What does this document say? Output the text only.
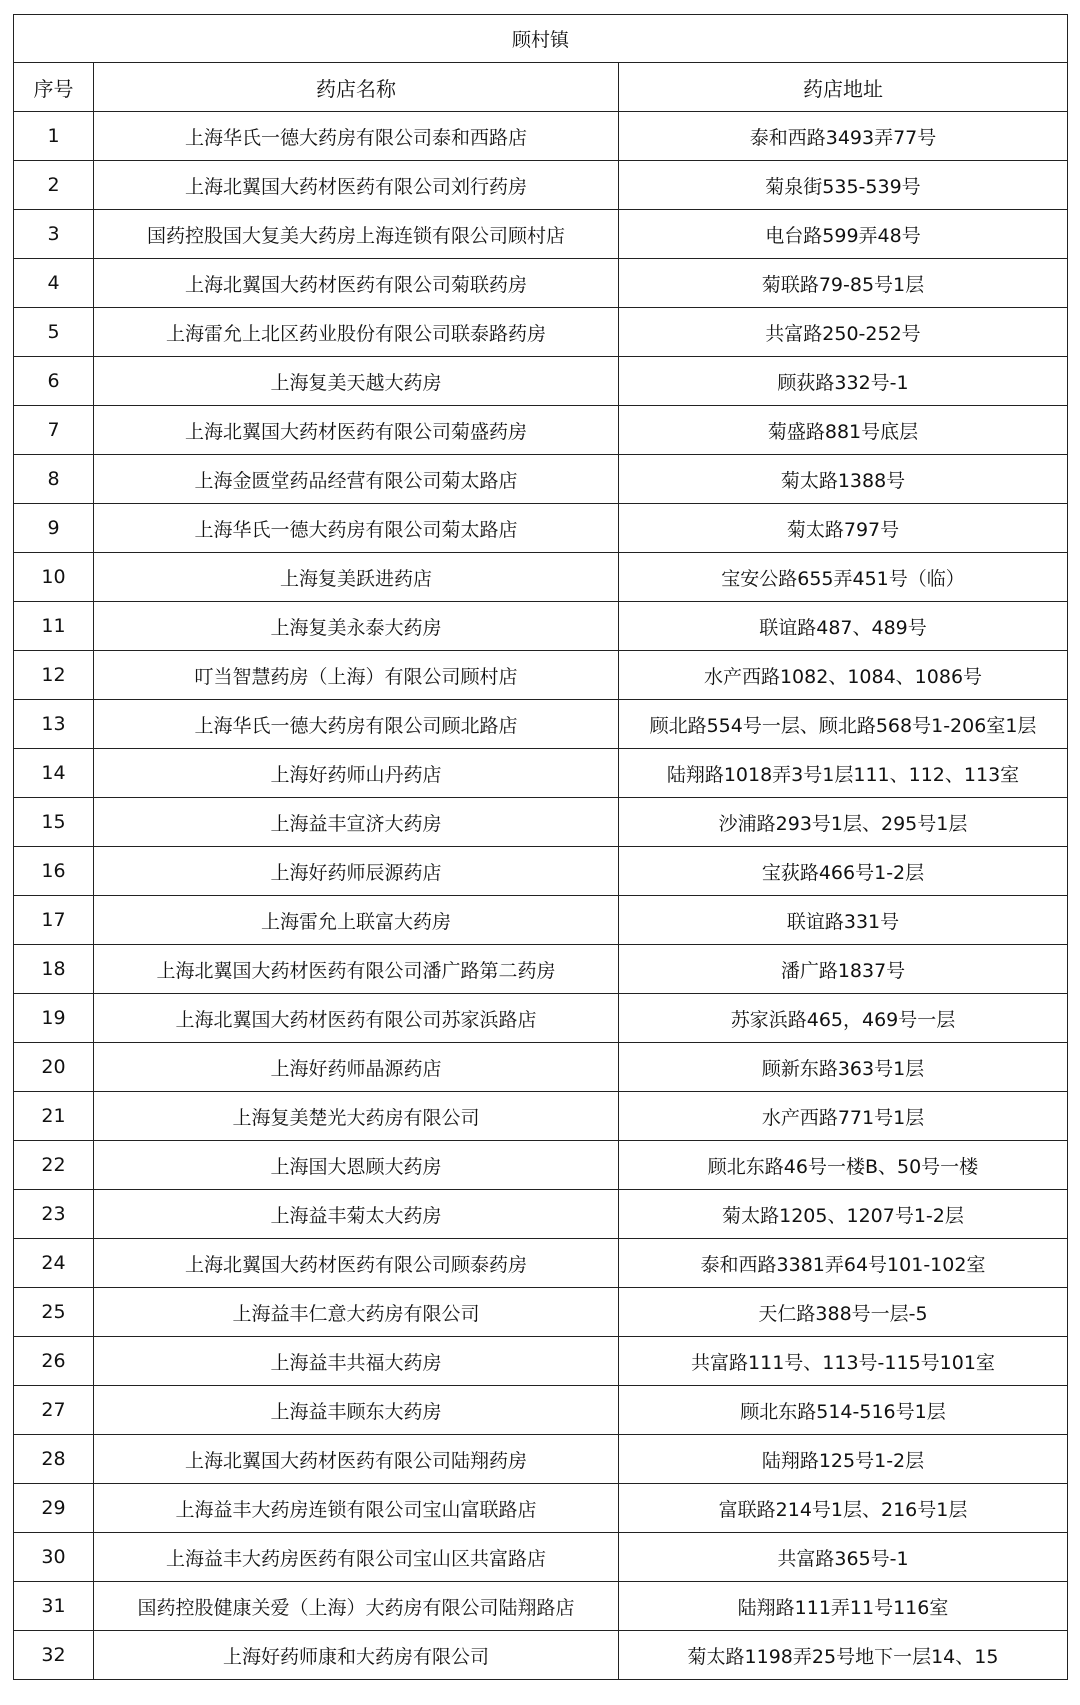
顾村镇		
序号	药店名称	药店地址
1	上海华氏一德大药房有限公司泰和西路店	泰和西路3493弄77号
2	上海北翼国大药材医药有限公司刘行药房	菊泉街535-539号
3	国药控股国大复美大药房上海连锁有限公司顾村店	电台路599弄48号
4	上海北翼国大药材医药有限公司菊联药房	菊联路79-85号1层
5	上海雷允上北区药业股份有限公司联泰路药房	共富路250-252号
6	上海复美天越大药房	顾荻路332号-1
7	上海北翼国大药材医药有限公司菊盛药房	菊盛路881号底层
8	上海金匮堂药品经营有限公司菊太路店	菊太路1388号
9	上海华氏一德大药房有限公司菊太路店	菊太路797号
10	上海复美跃进药店	宝安公路655弄451号（临）
11	上海复美永泰大药房	联谊路487、489号
12	叮当智慧药房（上海）有限公司顾村店	水产西路1082、1084、1086号
13	上海华氏一德大药房有限公司顾北路店	顾北路554号一层、顾北路568号1-206室1层
14	上海好药师山丹药店	陆翔路1018弄3号1层111、112、113室
15	上海益丰宣济大药房	沙浦路293号1层、295号1层
16	上海好药师辰源药店	宝荻路466号1-2层
17	上海雷允上联富大药房	联谊路331号
18	上海北翼国大药材医药有限公司潘广路第二药房	潘广路1837号
19	上海北翼国大药材医药有限公司苏家浜路店	苏家浜路465，469号一层
20	上海好药师晶源药店	顾新东路363号1层
21	上海复美楚光大药房有限公司	水产西路771号1层
22	上海国大恩顾大药房	顾北东路46号一楼B、50号一楼
23	上海益丰菊太大药房	菊太路1205、1207号1-2层
24	上海北翼国大药材医药有限公司顾泰药房	泰和西路3381弄64号101-102室
25	上海益丰仁意大药房有限公司	天仁路388号一层-5
26	上海益丰共福大药房	共富路111号、113号-115号101室
27	上海益丰顾东大药房	顾北东路514-516号1层
28	上海北翼国大药材医药有限公司陆翔药房	陆翔路125号1-2层
29	上海益丰大药房连锁有限公司宝山富联路店	富联路214号1层、216号1层
30	上海益丰大药房医药有限公司宝山区共富路店	共富路365号-1
31	国药控股健康关爱（上海）大药房有限公司陆翔路店	陆翔路111弄11号116室
32	上海好药师康和大药房有限公司	菊太路1198弄25号地下一层14、15
